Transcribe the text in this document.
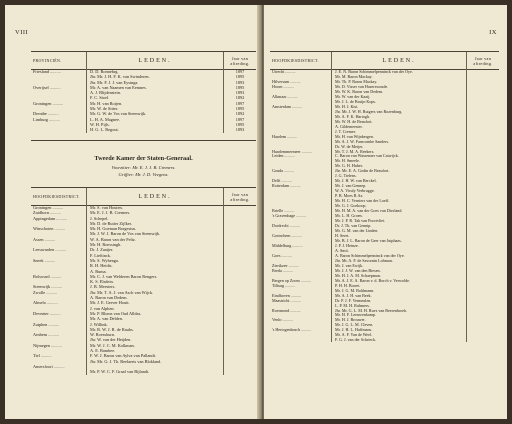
VIII
PROVINCIËN.	LEDEN.	Jaar van aftreding.
Friesland ..........	D. D. Ronnebrg.	1897
Jhr. Mr. J. H. F. K. van Swinderen.	1895
Jhr. Mr. F. J. J. van Eysinga.	1893
Overijsel ..........	Mr. A. van Naamen van Eemnes.	1895
A. J. Blijdenstein.	1893
F. C. Stoel.	1892
Groningen ..........	Mr. H. van Roijen.	1897
Mr. W. de Sitter.	1895
Drenthe ..........	Mr. G. W. de Vos van Steenwijk.	1892
Limburg ..........	L. H. A. Magnee.	1897
W. H. Pijls.	1895
H. G. L. Regout.	1893
Tweede Kamer der Staten-Generaal.
Voorzitter: Mr. E. J. J. B. Cremers.
Griffier: Mr. J. D. Veegens.
HOOFDKIESDISTRICT.	LEDEN.	Jaar van aftreding.
Groningen ..........	Mr. S. van Houten.
Zuidhorn ..........	Mr. E. J. J. B. Cremers.
Appingedam ..........	J. Schepel.
Mr. D. de Ruiter Zijlker.
Winschoten ..........	Mr. H. Goeman Borgesius.
Mr. J. W. J. Baron de Vos van Steenwijk.
Assen ..........	W. A. Baron van der Feltz.
Mr. H. Roessingh.
Leeuwarden ..........	Dr. J. Zaaijer.
F. Lieftinck.
Sneek ..........	Mr. S. Wybenga.
R. H. Heidts.
A. Buma.
Bolsward ..........	Mr. C. J. van Welderen Baron Rengers.
K. S. Elsdein.
Steenwijk ..........	J. B. Meesters.
Zwolle ..........	Jhr. Mr. T. A. J. van Asch van Wijck.
A. Baron van Dedem.
Almelo ..........	Mr. J. E. Gerver Houtt.
J. van Alphen.
Deventer ..........	Mr. P. Bloms van Oud Alblas.
Mr. A. van Delden.
Zutphen ..........	J. Willink.
Mr. R. W. J. R. de Rauhs.
Arnhem ..........	W. Roessburn.
Jhr. W. van der Heijden.
Nijmegen ..........	Mr. W. J. C. M. Kolkman.
A. E. Bambee.
Tiel ..........	F. W. J. Baron van Aylva van Pallandt.
Jhr. Mr. G. J. Th. Beelaerts van Blokland.
Amersfoort ..........
Mr. P. W. C. F. Graaf van Bijlandt.
IX
HOOFDKIESDISTRICT.	LEDEN.	Jaar van aftreding.
Utrecht ..........	J. E. N. Baron Schimmelpenninck van der Oye.
Mr. M. Baron Mackay.
Hilversum ..........	Mr. Th. P. Baron Mackay.
Hoorn ..........	Mr. D. Visser van Hazerswoude.
Mr. W. K. Baron van Dedem.
Alkmaar ..........	Mr. W. van der Kaaij.
Mr. J. L. de Bruijn Kops.
Amsterdam ..........	Mr. H. J. Kist.
Jhr. Mr. J. W. H. Rutgers van Rozenburg.
Mr. A. F. K. Hartogh.
Mr. W. H. de Beaufort.
A. Gildemeester.
J. T. Cremer.
Haarlem ..........	Mr. H. van Wijnbergen.
Mr. A. J. W. Farncombe Sanders.
Dr. W. de Meijer.
Haarlemmermeer ..........	Mr. T. J. M. A. Reekers.
Leiden ..........	C. Baron van Wassenaer van Catwijck.
Mr. H. Smeele.
Mr. G. H. Huber.
Gouda ..........	Jhr. Mr. E. A. Godin de Beaufort.
J. G. Tielens.
Delft ..........	Mr. J. H. W. van Berckel.
Rotterdam ..........	Mr. J. van Gennep.
W. A. Viruly Verbrugge.
P. B. Moes R.Az.
Mr. H. C. Verniers van der Loeff.
Mr. G. J. Goekoop.
Brielle ..........	Mr. H. M. A. van der Goes van Dirxland.
's Gravenhage ..........	Mr. L. H. Groen.
Mr. J. P. R. Tak van Poortvliet.
Dordrecht ..........	Dr. J. Th. van Gennip.
Mr. G. M. van der Linden.
Gorinchem ..........	H. Seret.
Mr. B. J. L. Baron de Geer van Jutphaas.
Middelburg ..........	J. P. J. Heinze.
A. Smit.
Goes ..........	A. Baron Schimmelpenninck van der Oye.
Jhr. Mr. A. F. de Savornin Lohman.
Zierikzee ..........	Mr. J. van Ewijk.
Breda ..........	Mr. J. J. W. van den Biesen.
Mr. H. J. A. M. Schaepman.
Bergen op Zoom ..........	Mr. A. J. E. A. Baron v. d. Borch v. Verwolde.
Tilburg ..........	P. H. H. Borret.
Mr. J. G. M. Bohlmann.
Eindhoven ..........	Mr. A. J. H. van Beek.
Maastricht ..........	Dr. P. J. F. Vermeulen.
L. P. M. H. Ruhmers.
Roermond ..........	Jhr. Mr. G. L. M. H. Ruys van Beerenbroek.
Mr. H. F. Leeuwenkamp.
Venlo ..........	Mr. H. J. Brouwer.
Mr. J. G. L. M. Cleven.
's Hertogenbosch ..........	Mr. J. H. L. Haffmans.
Mr. A. F. Van de Weel.
F. G. J. van der Schrieck.
